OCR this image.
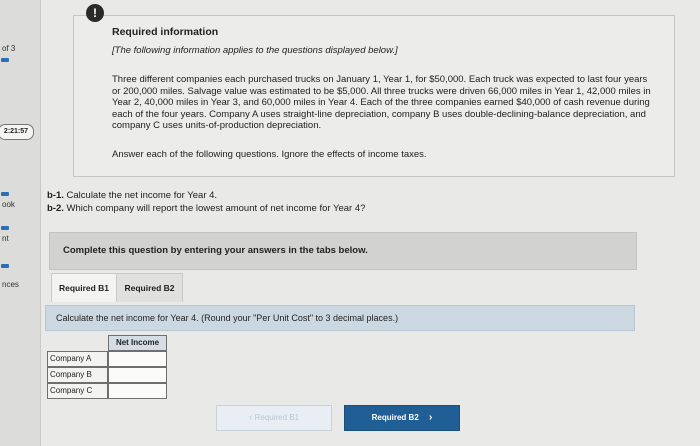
of 3
2:21:57
ook
nt
nces
!
Required information
[The following information applies to the questions displayed below.]
Three different companies each purchased trucks on January 1, Year 1, for $50,000. Each truck was expected to last four years or 200,000 miles. Salvage value was estimated to be $5,000. All three trucks were driven 66,000 miles in Year 1, 42,000 miles in Year 2, 40,000 miles in Year 3, and 60,000 miles in Year 4. Each of the three companies earned $40,000 of cash revenue during each of the four years. Company A uses straight-line depreciation, company B uses double-declining-balance depreciation, and company C uses units-of-production depreciation.
Answer each of the following questions. Ignore the effects of income taxes.
b-1. Calculate the net income for Year 4.
b-2. Which company will report the lowest amount of net income for Year 4?
Complete this question by entering your answers in the tabs below.
Required B1	Required B2
Calculate the net income for Year 4. (Round your "Per Unit Cost" to 3 decimal places.)
Net Income
Company A
Company B
Company C
‹ Required B1	Required B2 ›
